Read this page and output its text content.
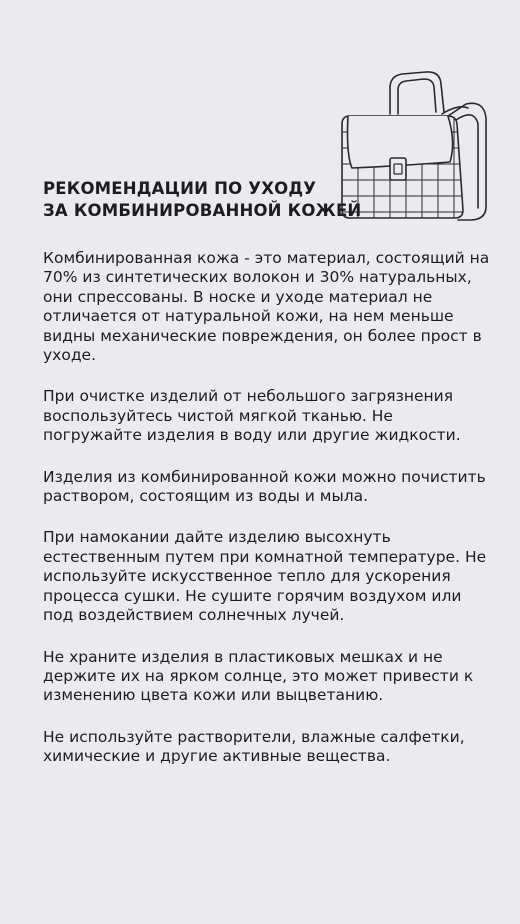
РЕКОМЕНДАЦИИ ПО УХОДУ
ЗА КОМБИНИРОВАННОЙ КОЖЕЙ

Комбинированная кожа - это материал, состоящий на 70% из синтетических волокон и 30% натуральных, они спрессованы. В носке и уходе материал не отличается от натуральной кожи, на нем меньше видны механические повреждения, он более прост в уходе.

При очистке изделий от небольшого загрязнения воспользуйтесь чистой мягкой тканью. Не погружайте изделия в воду или другие жидкости.

Изделия из комбинированной кожи можно почистить раствором, состоящим из воды и мыла.

При намокании дайте изделию высохнуть естественным путем при комнатной температуре. Не используйте искусственное тепло для ускорения процесса сушки. Не сушите горячим воздухом или под воздействием солнечных лучей.

Не храните изделия в пластиковых мешках и не держите их на ярком солнце, это может привести к изменению цвета кожи или выцветанию.

Не используйте растворители, влажные салфетки, химические и другие активные вещества.
